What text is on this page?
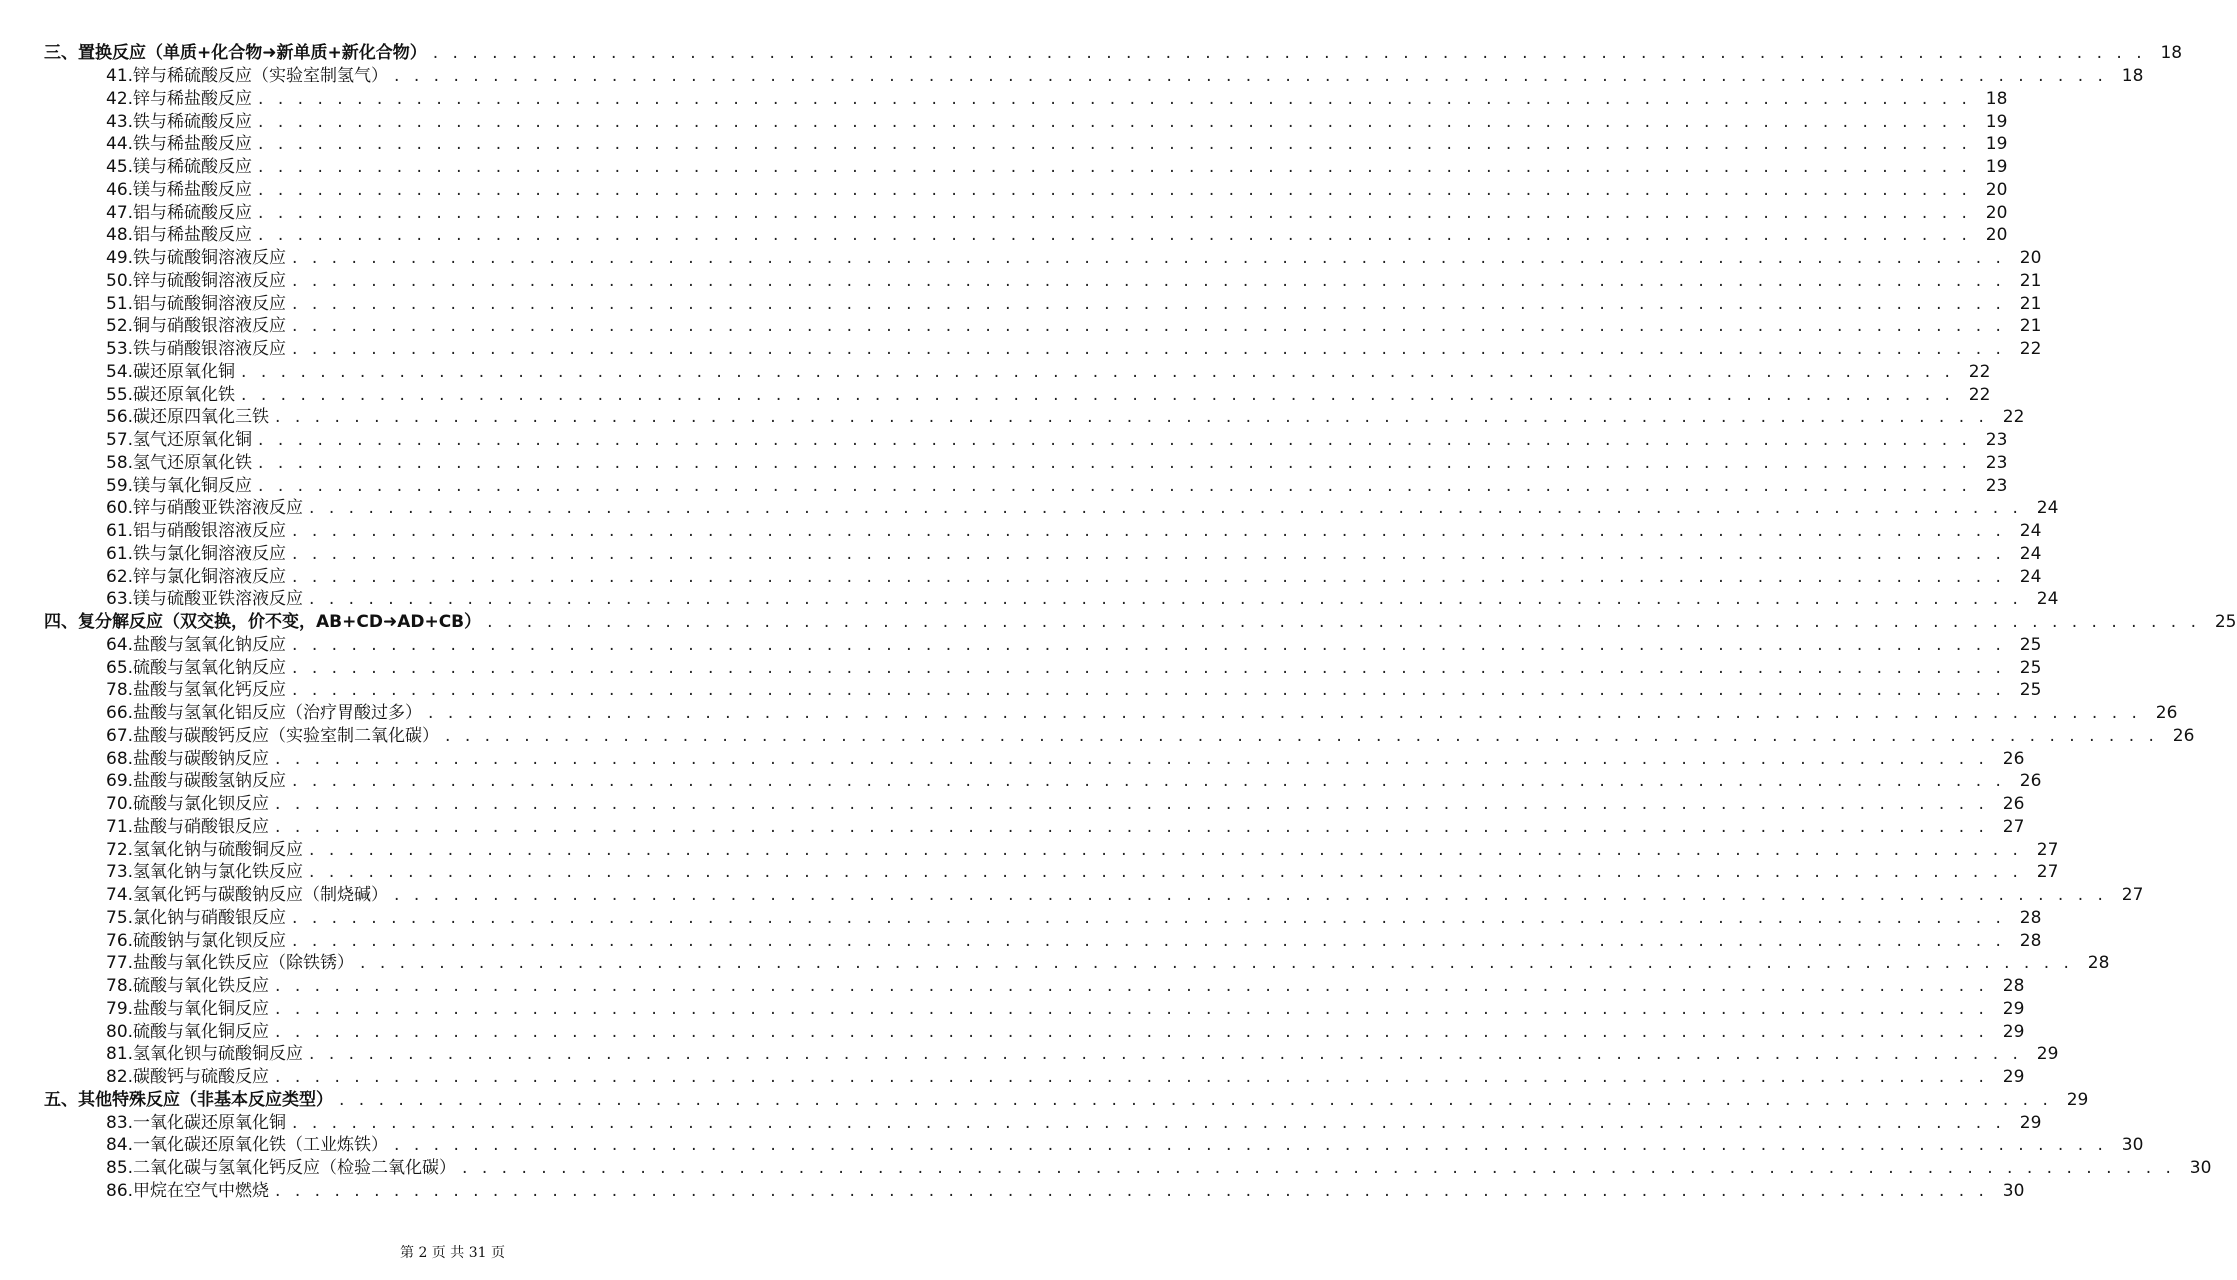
三、置换反应（单质+化合物➜新单质+新化合物） . . . . . . . . . . . . . . . . . . . . . . . . . . . . . . . . . . . . . . . . . . . . . . . . . . . . . . . . . . . . . . . . . . . . . . . . . . . . . . . . . . . . . . . 18
41. 锌与稀硫酸反应（实验室制氢气） . . . . . . . . . . . . . . . . . . . . . . . . . . . . . . . . . . . . . . . . . . . . . . . . . . . . . . . . . . . . . . . . . . . . . . . . . . . . . . . . . . . . . . . 18
42. 锌与稀盐酸反应 . . . . . . . . . . . . . . . . . . . . . . . . . . . . . . . . . . . . . . . . . . . . . . . . . . . . . . . . . . . . . . . . . . . . . . . . . . . . . . . . . . . . . . . 18
43. 铁与稀硫酸反应 . . . . . . . . . . . . . . . . . . . . . . . . . . . . . . . . . . . . . . . . . . . . . . . . . . . . . . . . . . . . . . . . . . . . . . . . . . . . . . . . . . . . . . . 19
44. 铁与稀盐酸反应 . . . . . . . . . . . . . . . . . . . . . . . . . . . . . . . . . . . . . . . . . . . . . . . . . . . . . . . . . . . . . . . . . . . . . . . . . . . . . . . . . . . . . . . 19
45. 镁与稀硫酸反应 . . . . . . . . . . . . . . . . . . . . . . . . . . . . . . . . . . . . . . . . . . . . . . . . . . . . . . . . . . . . . . . . . . . . . . . . . . . . . . . . . . . . . . . 19
46. 镁与稀盐酸反应 . . . . . . . . . . . . . . . . . . . . . . . . . . . . . . . . . . . . . . . . . . . . . . . . . . . . . . . . . . . . . . . . . . . . . . . . . . . . . . . . . . . . . . . 20
47. 铝与稀硫酸反应 . . . . . . . . . . . . . . . . . . . . . . . . . . . . . . . . . . . . . . . . . . . . . . . . . . . . . . . . . . . . . . . . . . . . . . . . . . . . . . . . . . . . . . . 20
48. 铝与稀盐酸反应 . . . . . . . . . . . . . . . . . . . . . . . . . . . . . . . . . . . . . . . . . . . . . . . . . . . . . . . . . . . . . . . . . . . . . . . . . . . . . . . . . . . . . . . 20
49. 铁与硫酸铜溶液反应 . . . . . . . . . . . . . . . . . . . . . . . . . . . . . . . . . . . . . . . . . . . . . . . . . . . . . . . . . . . . . . . . . . . . . . . . . . . . . . . . . . . . . . . 20
50. 锌与硫酸铜溶液反应 . . . . . . . . . . . . . . . . . . . . . . . . . . . . . . . . . . . . . . . . . . . . . . . . . . . . . . . . . . . . . . . . . . . . . . . . . . . . . . . . . . . . . . . 21
51. 铝与硫酸铜溶液反应 . . . . . . . . . . . . . . . . . . . . . . . . . . . . . . . . . . . . . . . . . . . . . . . . . . . . . . . . . . . . . . . . . . . . . . . . . . . . . . . . . . . . . . . 21
52. 铜与硝酸银溶液反应 . . . . . . . . . . . . . . . . . . . . . . . . . . . . . . . . . . . . . . . . . . . . . . . . . . . . . . . . . . . . . . . . . . . . . . . . . . . . . . . . . . . . . . . 21
53. 铁与硝酸银溶液反应 . . . . . . . . . . . . . . . . . . . . . . . . . . . . . . . . . . . . . . . . . . . . . . . . . . . . . . . . . . . . . . . . . . . . . . . . . . . . . . . . . . . . . . . 22
54. 碳还原氧化铜 . . . . . . . . . . . . . . . . . . . . . . . . . . . . . . . . . . . . . . . . . . . . . . . . . . . . . . . . . . . . . . . . . . . . . . . . . . . . . . . . . . . . . . . 22
55. 碳还原氧化铁 . . . . . . . . . . . . . . . . . . . . . . . . . . . . . . . . . . . . . . . . . . . . . . . . . . . . . . . . . . . . . . . . . . . . . . . . . . . . . . . . . . . . . . . 22
56. 碳还原四氧化三铁 . . . . . . . . . . . . . . . . . . . . . . . . . . . . . . . . . . . . . . . . . . . . . . . . . . . . . . . . . . . . . . . . . . . . . . . . . . . . . . . . . . . . . . . 22
57. 氢气还原氧化铜 . . . . . . . . . . . . . . . . . . . . . . . . . . . . . . . . . . . . . . . . . . . . . . . . . . . . . . . . . . . . . . . . . . . . . . . . . . . . . . . . . . . . . . . 23
58. 氢气还原氧化铁 . . . . . . . . . . . . . . . . . . . . . . . . . . . . . . . . . . . . . . . . . . . . . . . . . . . . . . . . . . . . . . . . . . . . . . . . . . . . . . . . . . . . . . . 23
59. 镁与氧化铜反应 . . . . . . . . . . . . . . . . . . . . . . . . . . . . . . . . . . . . . . . . . . . . . . . . . . . . . . . . . . . . . . . . . . . . . . . . . . . . . . . . . . . . . . . 23
60. 锌与硝酸亚铁溶液反应 . . . . . . . . . . . . . . . . . . . . . . . . . . . . . . . . . . . . . . . . . . . . . . . . . . . . . . . . . . . . . . . . . . . . . . . . . . . . . . . . . . . . . . . 24
61. 铝与硝酸银溶液反应 . . . . . . . . . . . . . . . . . . . . . . . . . . . . . . . . . . . . . . . . . . . . . . . . . . . . . . . . . . . . . . . . . . . . . . . . . . . . . . . . . . . . . . . 24
61. 铁与氯化铜溶液反应 . . . . . . . . . . . . . . . . . . . . . . . . . . . . . . . . . . . . . . . . . . . . . . . . . . . . . . . . . . . . . . . . . . . . . . . . . . . . . . . . . . . . . . . 24
62. 锌与氯化铜溶液反应 . . . . . . . . . . . . . . . . . . . . . . . . . . . . . . . . . . . . . . . . . . . . . . . . . . . . . . . . . . . . . . . . . . . . . . . . . . . . . . . . . . . . . . . 24
63. 镁与硫酸亚铁溶液反应 . . . . . . . . . . . . . . . . . . . . . . . . . . . . . . . . . . . . . . . . . . . . . . . . . . . . . . . . . . . . . . . . . . . . . . . . . . . . . . . . . . . . . . . 24
四、复分解反应（双交换，价不变，AB+CD➜AD+CB） . . . . . . . . . . . . . . . . . . . . . . . . . . . . . . . . . . . . . . . . . . . . . . . . . . . . . . . . . . . . . . . . . . . . . . . . . . . . . . . . . . . . . . . 25
64. 盐酸与氢氧化钠反应 . . . . . . . . . . . . . . . . . . . . . . . . . . . . . . . . . . . . . . . . . . . . . . . . . . . . . . . . . . . . . . . . . . . . . . . . . . . . . . . . . . . . . . . 25
65. 硫酸与氢氧化钠反应 . . . . . . . . . . . . . . . . . . . . . . . . . . . . . . . . . . . . . . . . . . . . . . . . . . . . . . . . . . . . . . . . . . . . . . . . . . . . . . . . . . . . . . . 25
78. 盐酸与氢氧化钙反应 . . . . . . . . . . . . . . . . . . . . . . . . . . . . . . . . . . . . . . . . . . . . . . . . . . . . . . . . . . . . . . . . . . . . . . . . . . . . . . . . . . . . . . . 25
66. 盐酸与氢氧化铝反应（治疗胃酸过多） . . . . . . . . . . . . . . . . . . . . . . . . . . . . . . . . . . . . . . . . . . . . . . . . . . . . . . . . . . . . . . . . . . . . . . . . . . . . . . . . . . . . . . . 26
67. 盐酸与碳酸钙反应（实验室制二氧化碳） . . . . . . . . . . . . . . . . . . . . . . . . . . . . . . . . . . . . . . . . . . . . . . . . . . . . . . . . . . . . . . . . . . . . . . . . . . . . . . . . . . . . . . . 26
68. 盐酸与碳酸钠反应 . . . . . . . . . . . . . . . . . . . . . . . . . . . . . . . . . . . . . . . . . . . . . . . . . . . . . . . . . . . . . . . . . . . . . . . . . . . . . . . . . . . . . . . 26
69. 盐酸与碳酸氢钠反应 . . . . . . . . . . . . . . . . . . . . . . . . . . . . . . . . . . . . . . . . . . . . . . . . . . . . . . . . . . . . . . . . . . . . . . . . . . . . . . . . . . . . . . . 26
70. 硫酸与氯化钡反应 . . . . . . . . . . . . . . . . . . . . . . . . . . . . . . . . . . . . . . . . . . . . . . . . . . . . . . . . . . . . . . . . . . . . . . . . . . . . . . . . . . . . . . . 26
71. 盐酸与硝酸银反应 . . . . . . . . . . . . . . . . . . . . . . . . . . . . . . . . . . . . . . . . . . . . . . . . . . . . . . . . . . . . . . . . . . . . . . . . . . . . . . . . . . . . . . . 27
72. 氢氧化钠与硫酸铜反应 . . . . . . . . . . . . . . . . . . . . . . . . . . . . . . . . . . . . . . . . . . . . . . . . . . . . . . . . . . . . . . . . . . . . . . . . . . . . . . . . . . . . . . . 27
73. 氢氧化钠与氯化铁反应 . . . . . . . . . . . . . . . . . . . . . . . . . . . . . . . . . . . . . . . . . . . . . . . . . . . . . . . . . . . . . . . . . . . . . . . . . . . . . . . . . . . . . . . 27
74. 氢氧化钙与碳酸钠反应（制烧碱） . . . . . . . . . . . . . . . . . . . . . . . . . . . . . . . . . . . . . . . . . . . . . . . . . . . . . . . . . . . . . . . . . . . . . . . . . . . . . . . . . . . . . . . 27
75. 氯化钠与硝酸银反应 . . . . . . . . . . . . . . . . . . . . . . . . . . . . . . . . . . . . . . . . . . . . . . . . . . . . . . . . . . . . . . . . . . . . . . . . . . . . . . . . . . . . . . . 28
76. 硫酸钠与氯化钡反应 . . . . . . . . . . . . . . . . . . . . . . . . . . . . . . . . . . . . . . . . . . . . . . . . . . . . . . . . . . . . . . . . . . . . . . . . . . . . . . . . . . . . . . . 28
77. 盐酸与氧化铁反应（除铁锈） . . . . . . . . . . . . . . . . . . . . . . . . . . . . . . . . . . . . . . . . . . . . . . . . . . . . . . . . . . . . . . . . . . . . . . . . . . . . . . . . . . . . . . . 28
78. 硫酸与氧化铁反应 . . . . . . . . . . . . . . . . . . . . . . . . . . . . . . . . . . . . . . . . . . . . . . . . . . . . . . . . . . . . . . . . . . . . . . . . . . . . . . . . . . . . . . . 28
79. 盐酸与氧化铜反应 . . . . . . . . . . . . . . . . . . . . . . . . . . . . . . . . . . . . . . . . . . . . . . . . . . . . . . . . . . . . . . . . . . . . . . . . . . . . . . . . . . . . . . . 29
80. 硫酸与氧化铜反应 . . . . . . . . . . . . . . . . . . . . . . . . . . . . . . . . . . . . . . . . . . . . . . . . . . . . . . . . . . . . . . . . . . . . . . . . . . . . . . . . . . . . . . . 29
81. 氢氧化钡与硫酸铜反应 . . . . . . . . . . . . . . . . . . . . . . . . . . . . . . . . . . . . . . . . . . . . . . . . . . . . . . . . . . . . . . . . . . . . . . . . . . . . . . . . . . . . . . . 29
82. 碳酸钙与硫酸反应 . . . . . . . . . . . . . . . . . . . . . . . . . . . . . . . . . . . . . . . . . . . . . . . . . . . . . . . . . . . . . . . . . . . . . . . . . . . . . . . . . . . . . . . 29
五、其他特殊反应（非基本反应类型） . . . . . . . . . . . . . . . . . . . . . . . . . . . . . . . . . . . . . . . . . . . . . . . . . . . . . . . . . . . . . . . . . . . . . . . . . . . . . . . . . . . . . . . 29
83. 一氧化碳还原氧化铜 . . . . . . . . . . . . . . . . . . . . . . . . . . . . . . . . . . . . . . . . . . . . . . . . . . . . . . . . . . . . . . . . . . . . . . . . . . . . . . . . . . . . . . . 29
84. 一氧化碳还原氧化铁（工业炼铁） . . . . . . . . . . . . . . . . . . . . . . . . . . . . . . . . . . . . . . . . . . . . . . . . . . . . . . . . . . . . . . . . . . . . . . . . . . . . . . . . . . . . . . . 30
85. 二氧化碳与氢氧化钙反应（检验二氧化碳） . . . . . . . . . . . . . . . . . . . . . . . . . . . . . . . . . . . . . . . . . . . . . . . . . . . . . . . . . . . . . . . . . . . . . . . . . . . . . . . . . . . . . . . 30
86. 甲烷在空气中燃烧 . . . . . . . . . . . . . . . . . . . . . . . . . . . . . . . . . . . . . . . . . . . . . . . . . . . . . . . . . . . . . . . . . . . . . . . . . . . . . . . . . . . . . . . 30
第 2 页 共 31 页
